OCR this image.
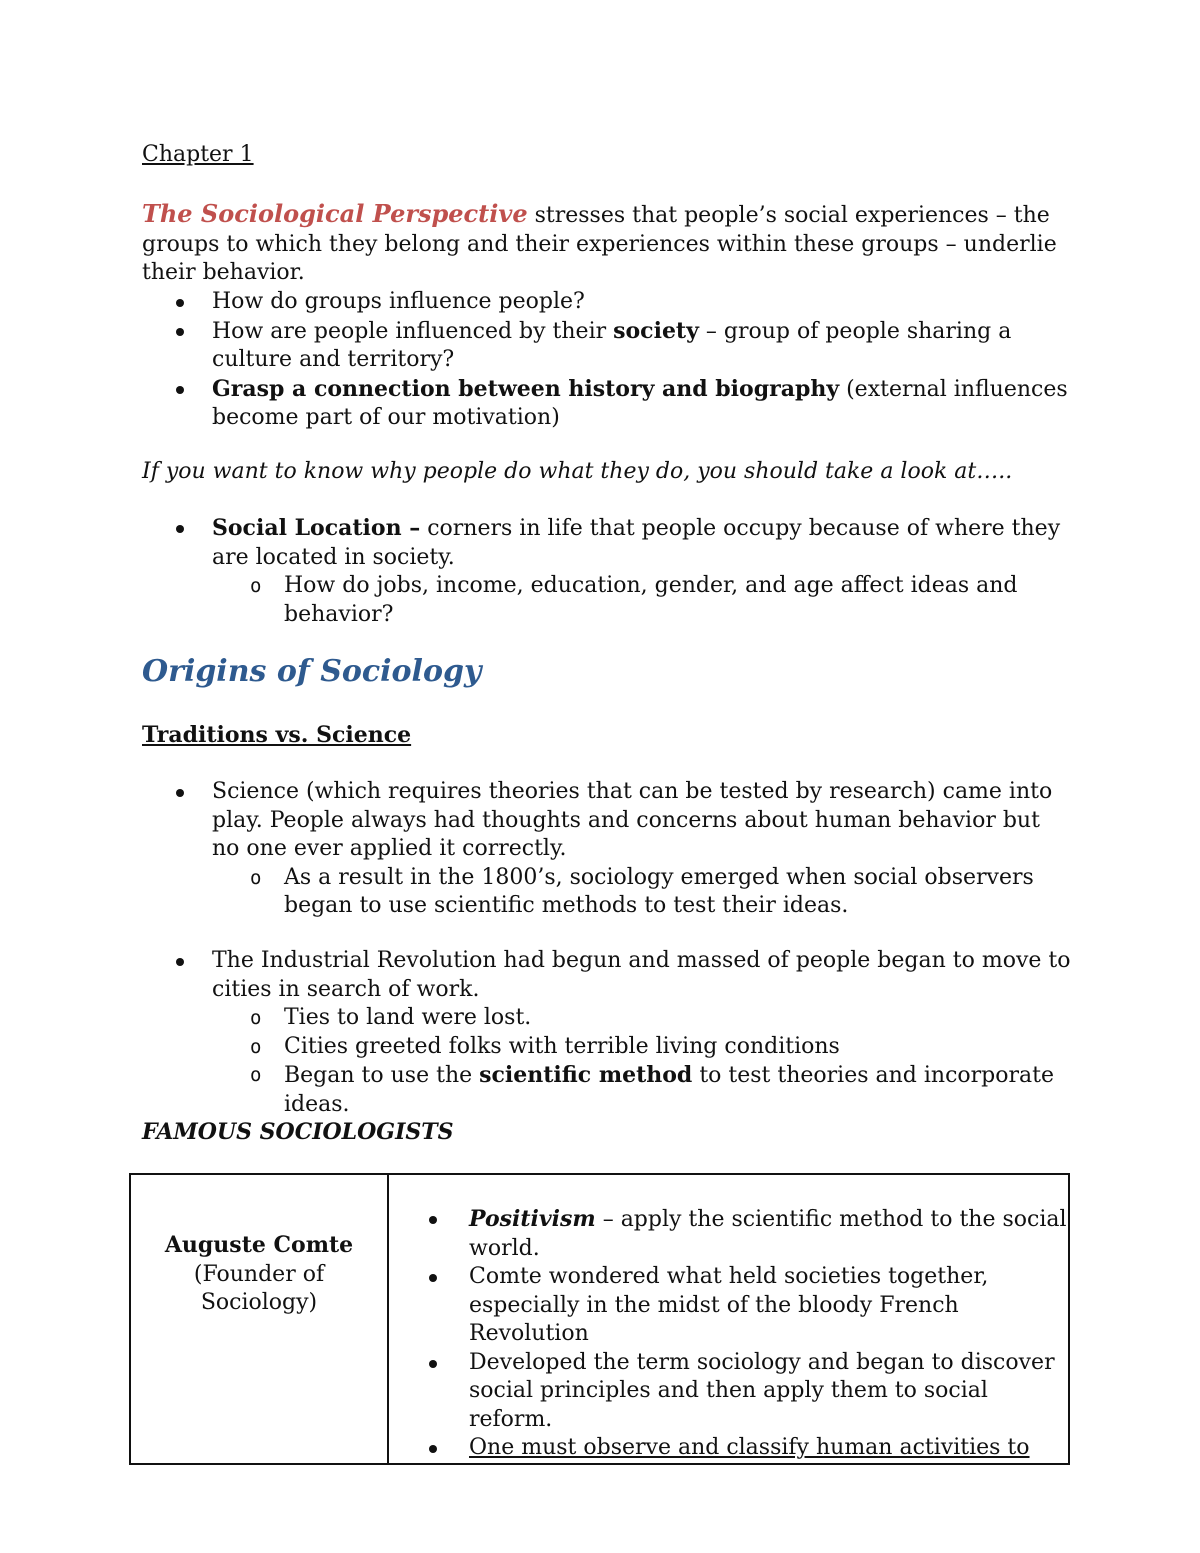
Chapter 1

The Sociological Perspective stresses that people’s social experiences – the groups to which they belong and their experiences within these groups – underlie their behavior.

How do groups influence people?
How are people influenced by their society – group of people sharing a culture and territory?
Grasp a connection between history and biography (external influences become part of our motivation)

If you want to know why people do what they do, you should take a look at…..

Social Location – corners in life that people occupy because of where they are located in society.
o How do jobs, income, education, gender, and age affect ideas and behavior?

Origins of Sociology

Traditions vs. Science

Science (which requires theories that can be tested by research) came into play. People always had thoughts and concerns about human behavior but no one ever applied it correctly.
o As a result in the 1800’s, sociology emerged when social observers began to use scientific methods to test their ideas.
The Industrial Revolution had begun and massed of people began to move to cities in search of work.
o Ties to land were lost.
o Cities greeted folks with terrible living conditions
o Began to use the scientific method to test theories and incorporate ideas.

FAMOUS SOCIOLOGISTS

Auguste Comte
(Founder of Sociology)	
Positivism – apply the scientific method to the social world.
Comte wondered what held societies together, especially in the midst of the bloody French Revolution
Developed the term sociology and began to discover social principles and then apply them to social reform.
One must observe and classify human activities to
